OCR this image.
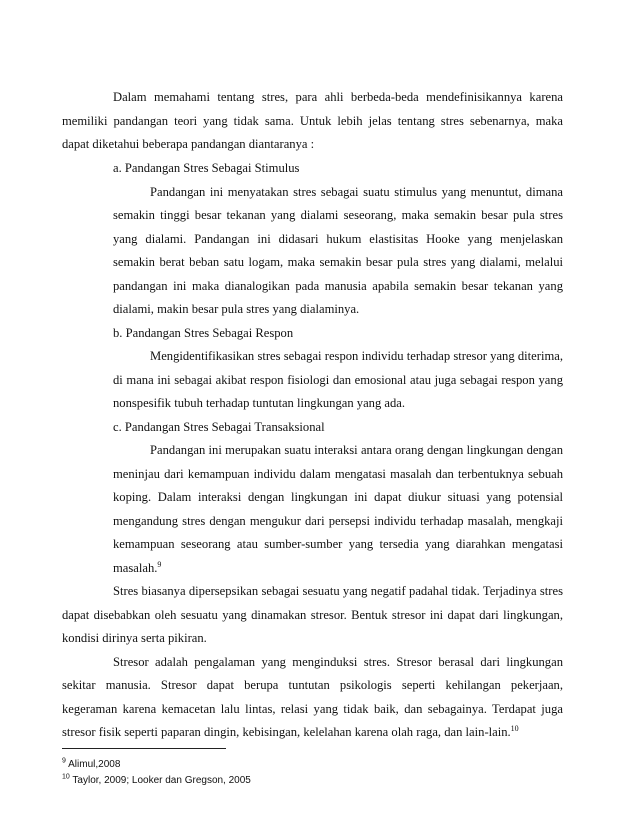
Dalam memahami tentang stres, para ahli berbeda-beda mendefinisikannya karena
memiliki pandangan teori yang tidak sama. Untuk lebih jelas tentang stres sebenarnya, maka
dapat diketahui beberapa pandangan diantaranya :
a. Pandangan Stres Sebagai Stimulus
Pandangan ini menyatakan stres sebagai suatu stimulus yang menuntut, dimana
semakin tinggi besar tekanan yang dialami seseorang, maka semakin besar pula stres
yang dialami. Pandangan ini didasari hukum elastisitas Hooke yang menjelaskan
semakin berat beban satu logam, maka semakin besar pula stres yang dialami, melalui
pandangan ini maka dianalogikan pada manusia apabila semakin besar tekanan yang
dialami, makin besar pula stres yang dialaminya.
b. Pandangan Stres Sebagai Respon
Mengidentifikasikan stres sebagai respon individu terhadap stresor yang diterima,
di mana ini sebagai akibat respon fisiologi dan emosional atau juga sebagai respon yang
nonspesifik tubuh terhadap tuntutan lingkungan yang ada.
c. Pandangan Stres Sebagai Transaksional
Pandangan ini merupakan suatu interaksi antara orang dengan lingkungan dengan
meninjau dari kemampuan individu dalam mengatasi masalah dan terbentuknya sebuah
koping. Dalam interaksi dengan lingkungan ini dapat diukur situasi yang potensial
mengandung stres dengan mengukur dari persepsi individu terhadap masalah, mengkaji
kemampuan seseorang atau sumber-sumber yang tersedia yang diarahkan mengatasi
masalah.$^9$
Stres biasanya dipersepsikan sebagai sesuatu yang negatif padahal tidak. Terjadinya stres
dapat disebabkan oleh sesuatu yang dinamakan stresor. Bentuk stresor ini dapat dari lingkungan,
kondisi dirinya serta pikiran.
Stresor adalah pengalaman yang menginduksi stres. Stresor berasal dari lingkungan
sekitar manusia. Stresor dapat berupa tuntutan psikologis seperti kehilangan pekerjaan,
kegeraman karena kemacetan lalu lintas, relasi yang tidak baik, dan sebagainya. Terdapat juga
stresor fisik seperti paparan dingin, kebisingan, kelelahan karena olah raga, dan lain-lain.$^{10}$
$^9$ Alimul,2008
$^{10}$ Taylor, 2009; Looker dan Gregson, 2005
